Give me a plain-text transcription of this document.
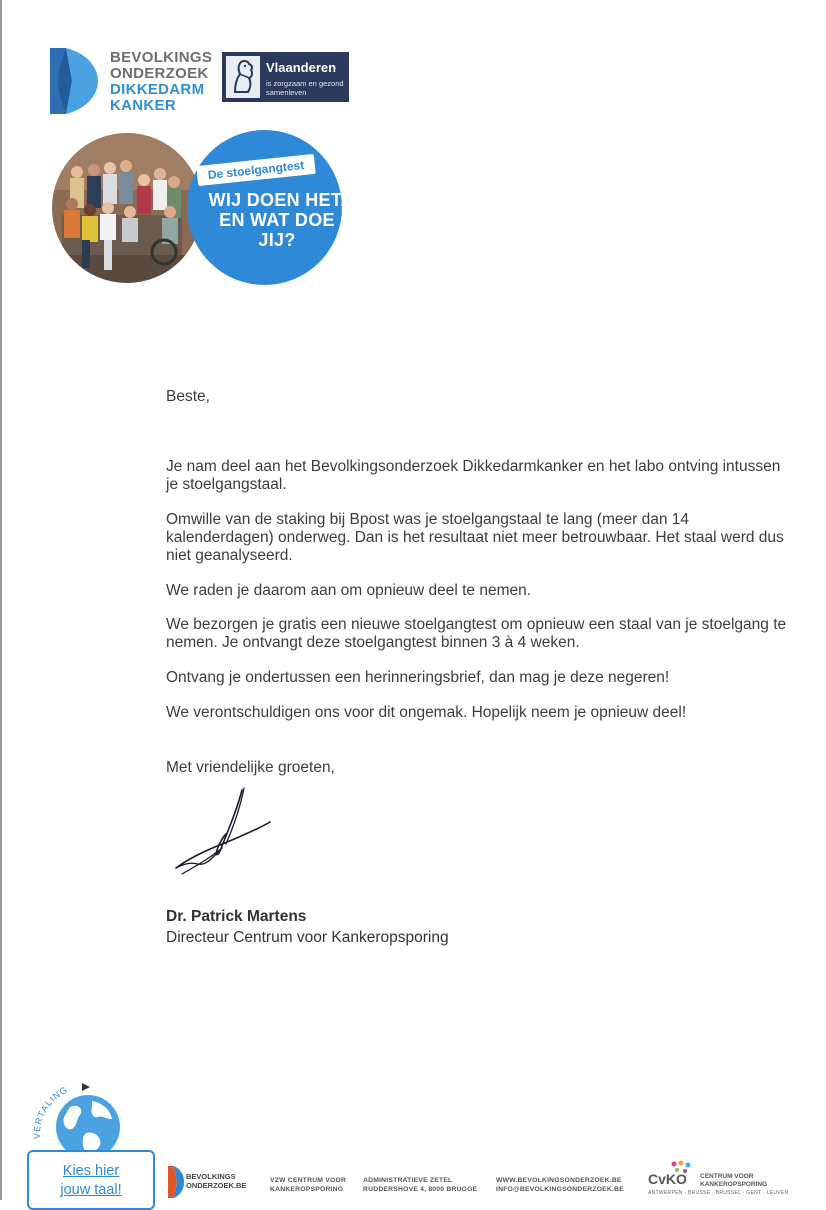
BEVOLKINGS
ONDERZOEK
DIKKEDARM
KANKER
Vlaanderen
is zorgzaam en gezond samenleven
De stoelgangtest
WIJ DOEN HET. EN WAT DOE JIJ?

Beste,

Je nam deel aan het Bevolkingsonderzoek Dikkedarmkanker en het labo ontving intussen je stoelgangstaal.

Omwille van de staking bij Bpost was je stoelgangstaal te lang (meer dan 14 kalenderdagen) onderweg. Dan is het resultaat niet meer betrouwbaar. Het staal werd dus niet geanalyseerd.

We raden je daarom aan om opnieuw deel te nemen.

We bezorgen je gratis een nieuwe stoelgangtest om opnieuw een staal van je stoelgang te nemen. Je ontvangt deze stoelgangtest binnen 3 à 4 weken.

Ontvang je ondertussen een herinneringsbrief, dan mag je deze negeren!

We verontschuldigen ons voor dit ongemak. Hopelijk neem je opnieuw deel!

Met vriendelijke groeten,

Dr. Patrick Martens
Directeur Centrum voor Kankeropsporing
VERTALING
Kies hier
jouw taal!
BEVOLKINGS
ONDERZOEK.BE
VZW CENTRUM VOOR
KANKEROPSPORING
ADMINISTRATIEVE ZETEL
RUDDERSHOVE 4, 8000 BRUGGE
WWW.BEVOLKINGSONDERZOEK.BE
INFO@BEVOLKINGSONDERZOEK.BE
CvKO CENTRUM VOOR
KANKEROPSPORING
ANTWERPEN · BRUSSE · BRUSSEL · GENT · LEUVEN
